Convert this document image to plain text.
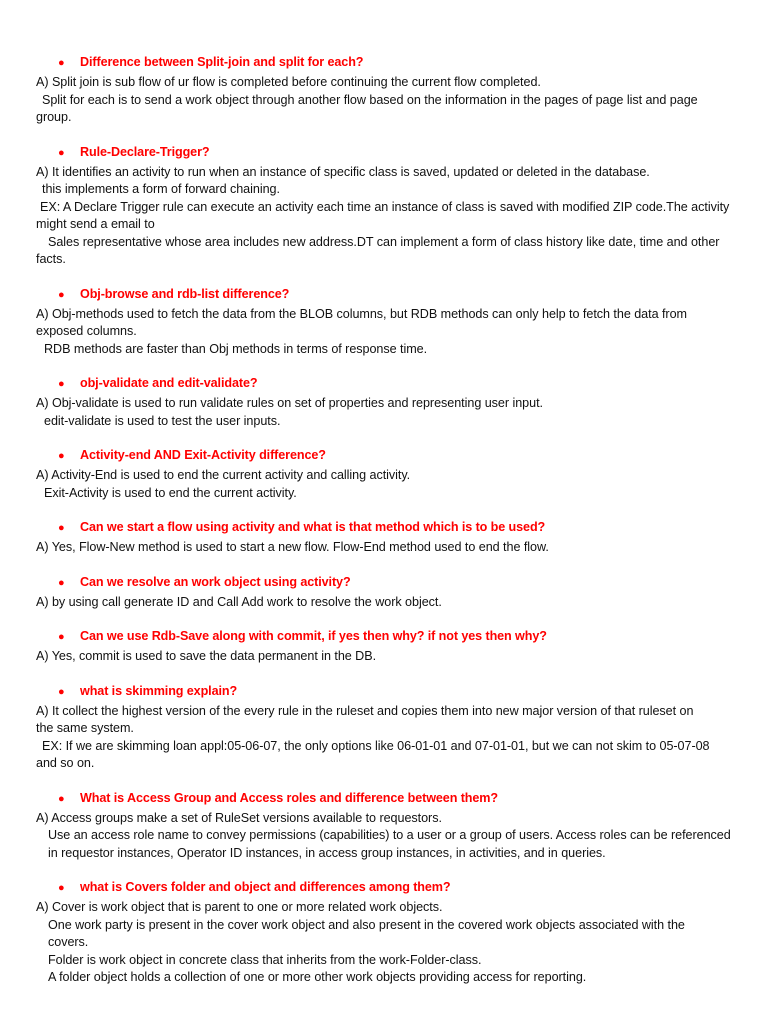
●	Difference between Split-join and split for each?
A) Split join is sub flow of ur flow is completed before continuing the current flow completed.
Split for each is to send a work object through another flow based on the information in the pages of page list and page
group.
●	Rule-Declare-Trigger?
A) It identifies an activity to run when an instance of specific class is saved, updated or deleted in the database.
this implements a form of forward chaining.
EX: A Declare Trigger rule can execute an activity each time an instance of class is saved with modified ZIP code.The activity
might send a email to
Sales representative whose area includes new address.DT can implement a form of class history like date, time and other
facts.
●	Obj-browse and rdb-list difference?
A) Obj-methods used to fetch the data from the BLOB columns, but RDB methods can only help to fetch the data from
exposed columns.
RDB methods are faster than Obj methods in terms of response time.
●	obj-validate and edit-validate?
A) Obj-validate is used to run validate rules on set of properties and representing user input.
edit-validate is used to test the user inputs.
●	Activity-end AND Exit-Activity difference?
A) Activity-End is used to end the current activity and calling activity.
Exit-Activity is used to end the current activity.
●	Can we start a flow using activity and what is that method which is to be used?
A) Yes, Flow-New method is used to start a new flow. Flow-End method used to end the flow.
●	Can we resolve an work object using activity?
A) by using call generate ID and Call Add work to resolve the work object.
●	Can we use Rdb-Save along with commit, if yes then why? if not yes then why?
A) Yes, commit is used to save the data permanent in the DB.
●	what is skimming explain?
A) It collect the highest version of the every rule in the ruleset and copies them into new major version of that ruleset on
the same system.
EX: If we are skimming loan appl:05-06-07, the only options like 06-01-01 and 07-01-01, but we can not skim to 05-07-08
and so on.
●	What is Access Group and Access roles and difference between them?
A) Access groups make a set of RuleSet versions available to requestors.
Use an access role name to convey permissions (capabilities) to a user or a group of users. Access roles can be referenced
in requestor instances, Operator ID instances, in access group instances, in activities, and in queries.
●	what is Covers folder and object and differences among them?
A) Cover is work object that is parent to one or more related work objects.
One work party is present in the cover work object and also present in the covered work objects associated with the
covers.
Folder is work object in concrete class that inherits from the work-Folder-class.
A folder object holds a collection of one or more other work objects providing access for reporting.
